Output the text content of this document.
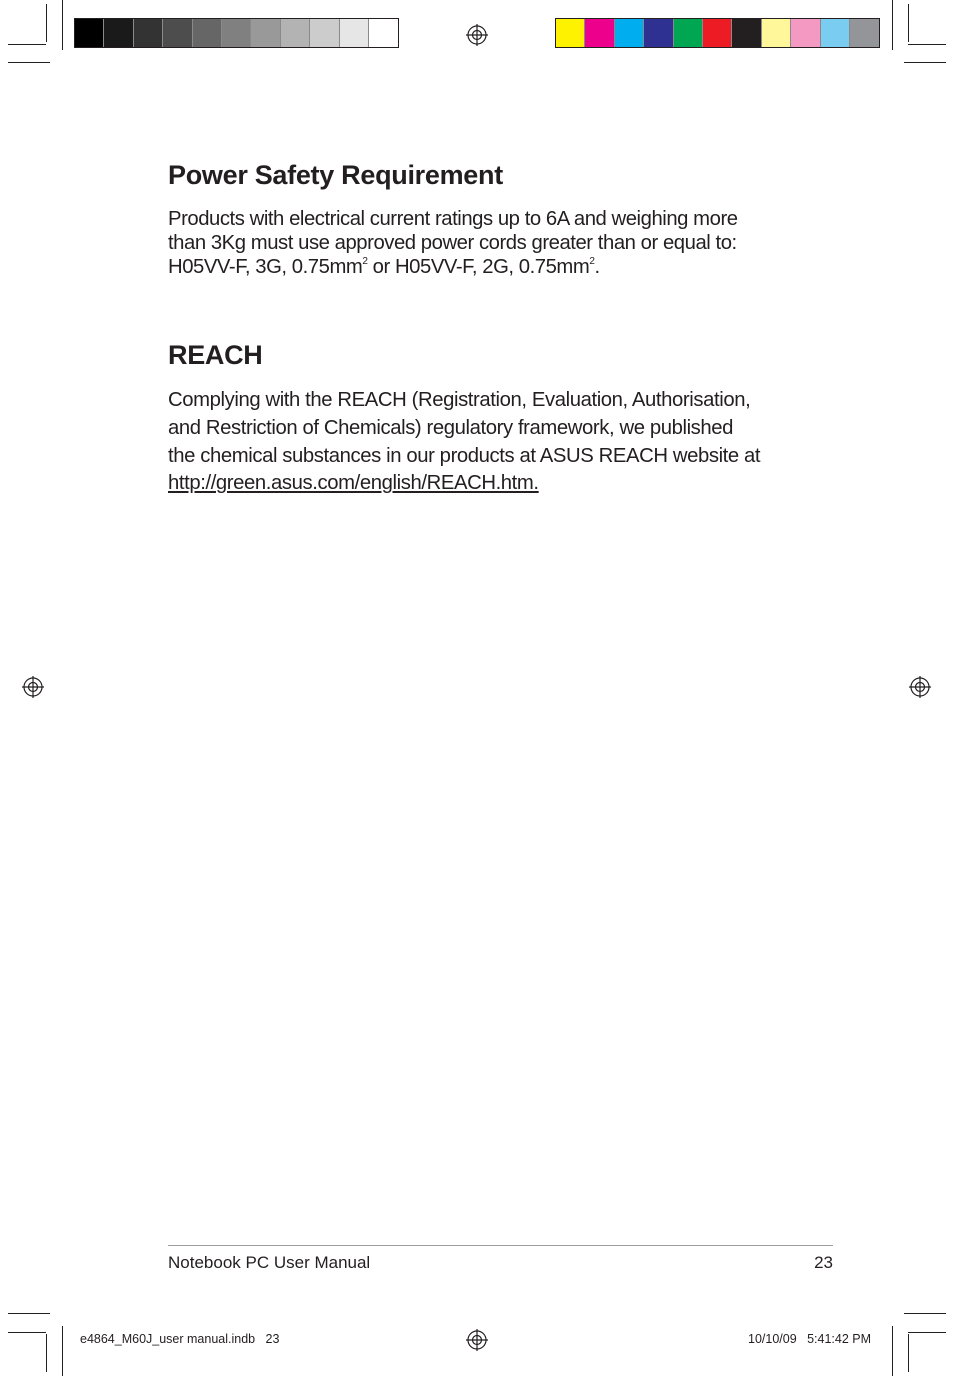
Power Safety Requirement

Products with electrical current ratings up to 6A and weighing more
than 3Kg must use approved power cords greater than or equal to:
H05VV-F, 3G, $0.75mm^2$ or H05VV-F, 2G, $0.75mm^2$.

REACH

Complying with the REACH (Registration, Evaluation, Authorisation,
and Restriction of Chemicals) regulatory framework, we published
the chemical substances in our products at ASUS REACH website at
http://green.asus.com/english/REACH.htm.

Notebook PC User Manual	23
e4864_M60J_user manual.indb   23	10/10/09   5:41:42 PM
